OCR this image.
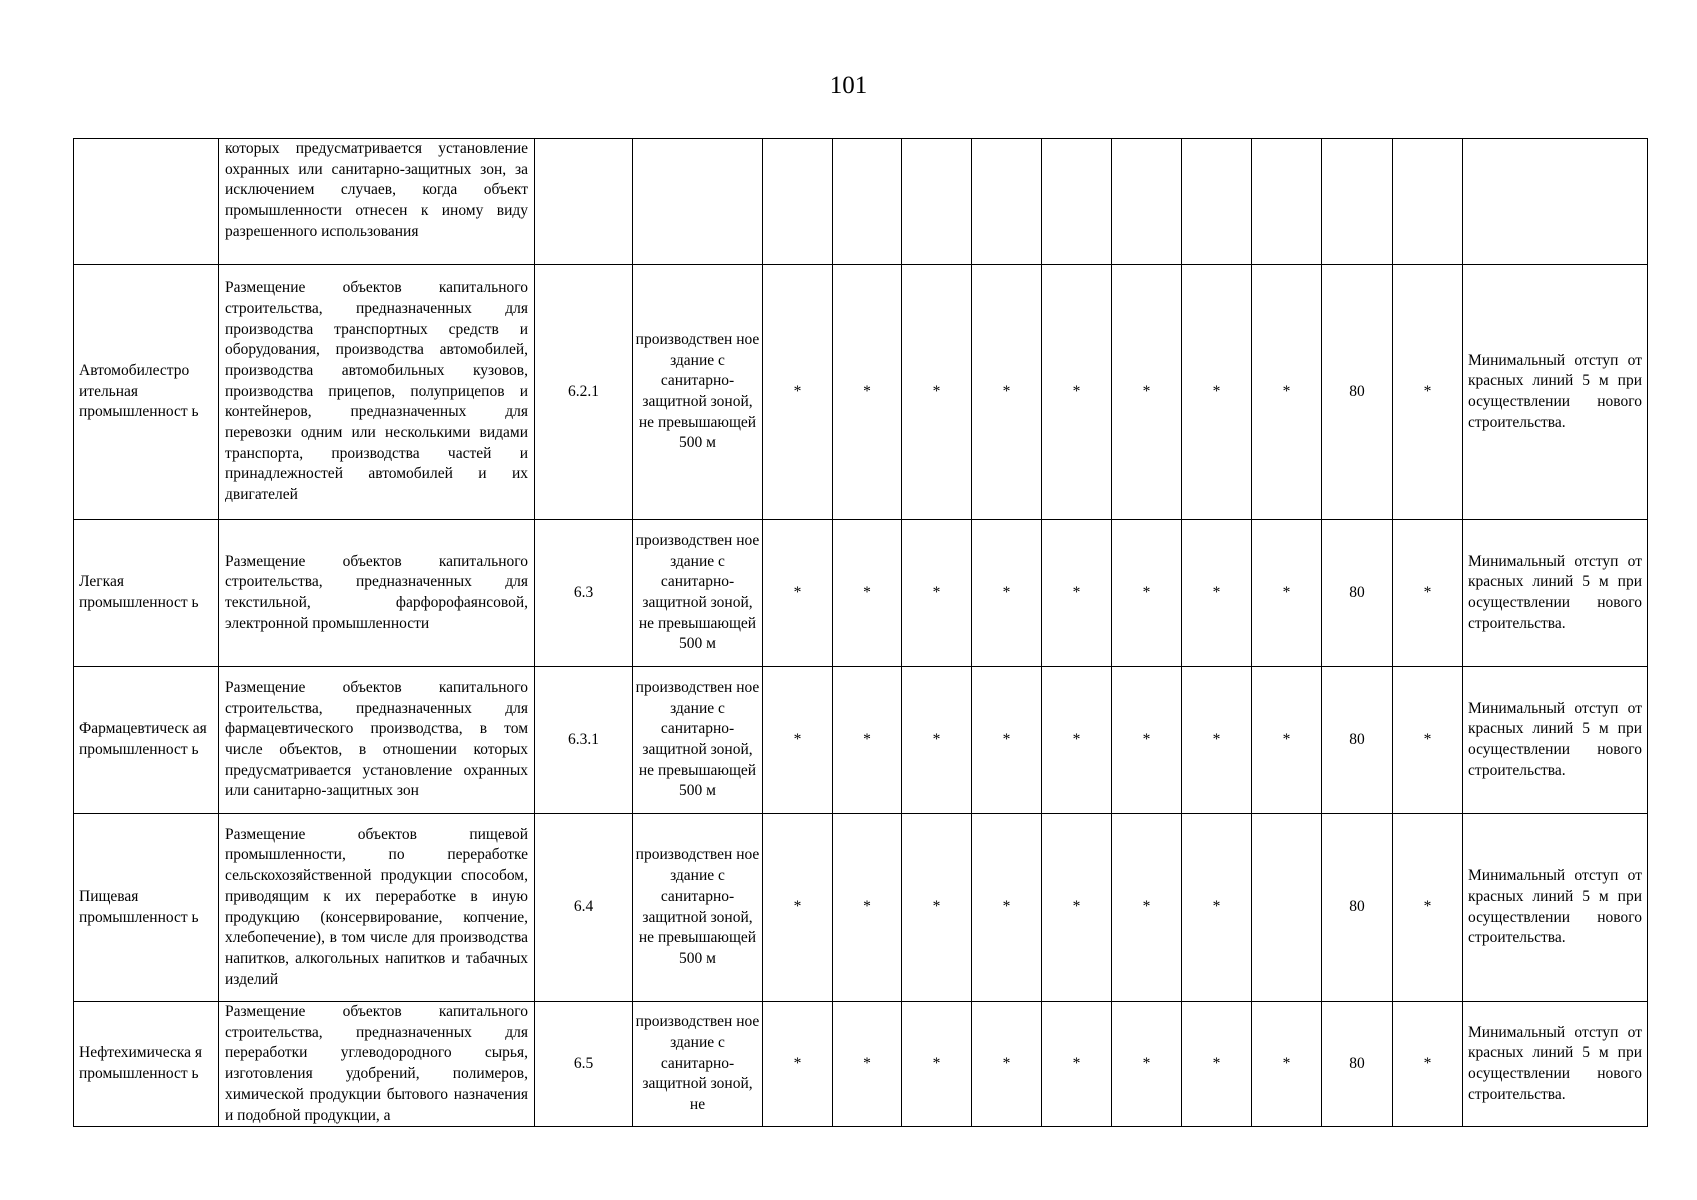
101

	которых предусматривается установление охранных или санитарно-защитных зон, за исключением случаев, когда объект промышленности отнесен к иному виду разрешенного использования													

Автомобилестро ительная промышленност ь	Размещение объектов капитального строительства, предназначенных для производства транспортных средств и оборудования, производства автомобилей, производства автомобильных кузовов, производства прицепов, полуприцепов и контейнеров, предназначенных для перевозки одним или несколькими видами транспорта, производства частей и принадлежностей автомобилей и их двигателей	6.2.1	производствен ное здание с санитарно-защитной зоной, не превышающей 500 м	*	*	*	*	*	*	*	*	80	*	Минимальный отступ от красных линий 5 м при осуществлении нового строительства.

Легкая промышленност ь	Размещение объектов капитального строительства, предназначенных для текстильной, фарфорофаянсовой, электронной промышленности	6.3	производствен ное здание с санитарно-защитной зоной, не превышающей 500 м	*	*	*	*	*	*	*	*	80	*	Минимальный отступ от красных линий 5 м при осуществлении нового строительства.

Фармацевтическ ая промышленност ь	Размещение объектов капитального строительства, предназначенных для фармацевтического производства, в том числе объектов, в отношении которых предусматривается установление охранных или санитарно-защитных зон	6.3.1	производствен ное здание с санитарно-защитной зоной, не превышающей 500 м	*	*	*	*	*	*	*	*	80	*	Минимальный отступ от красных линий 5 м при осуществлении нового строительства.

Пищевая промышленност ь	Размещение объектов пищевой промышленности, по переработке сельскохозяйственной продукции способом, приводящим к их переработке в иную продукцию (консервирование, копчение, хлебопечение), в том числе для производства напитков, алкогольных напитков и табачных изделий	6.4	производствен ное здание с санитарно-защитной зоной, не превышающей 500 м	*	*	*	*	*	*	*		80	*	Минимальный отступ от красных линий 5 м при осуществлении нового строительства.

Нефтехимическа я промышленност ь	Размещение объектов капитального строительства, предназначенных для переработки углеводородного сырья, изготовления удобрений, полимеров, химической продукции бытового назначения и подобной продукции, а	6.5	производствен ное здание с санитарно-защитной зоной, не	*	*	*	*	*	*	*	*	80	*	Минимальный отступ от красных линий 5 м при осуществлении нового строительства.
